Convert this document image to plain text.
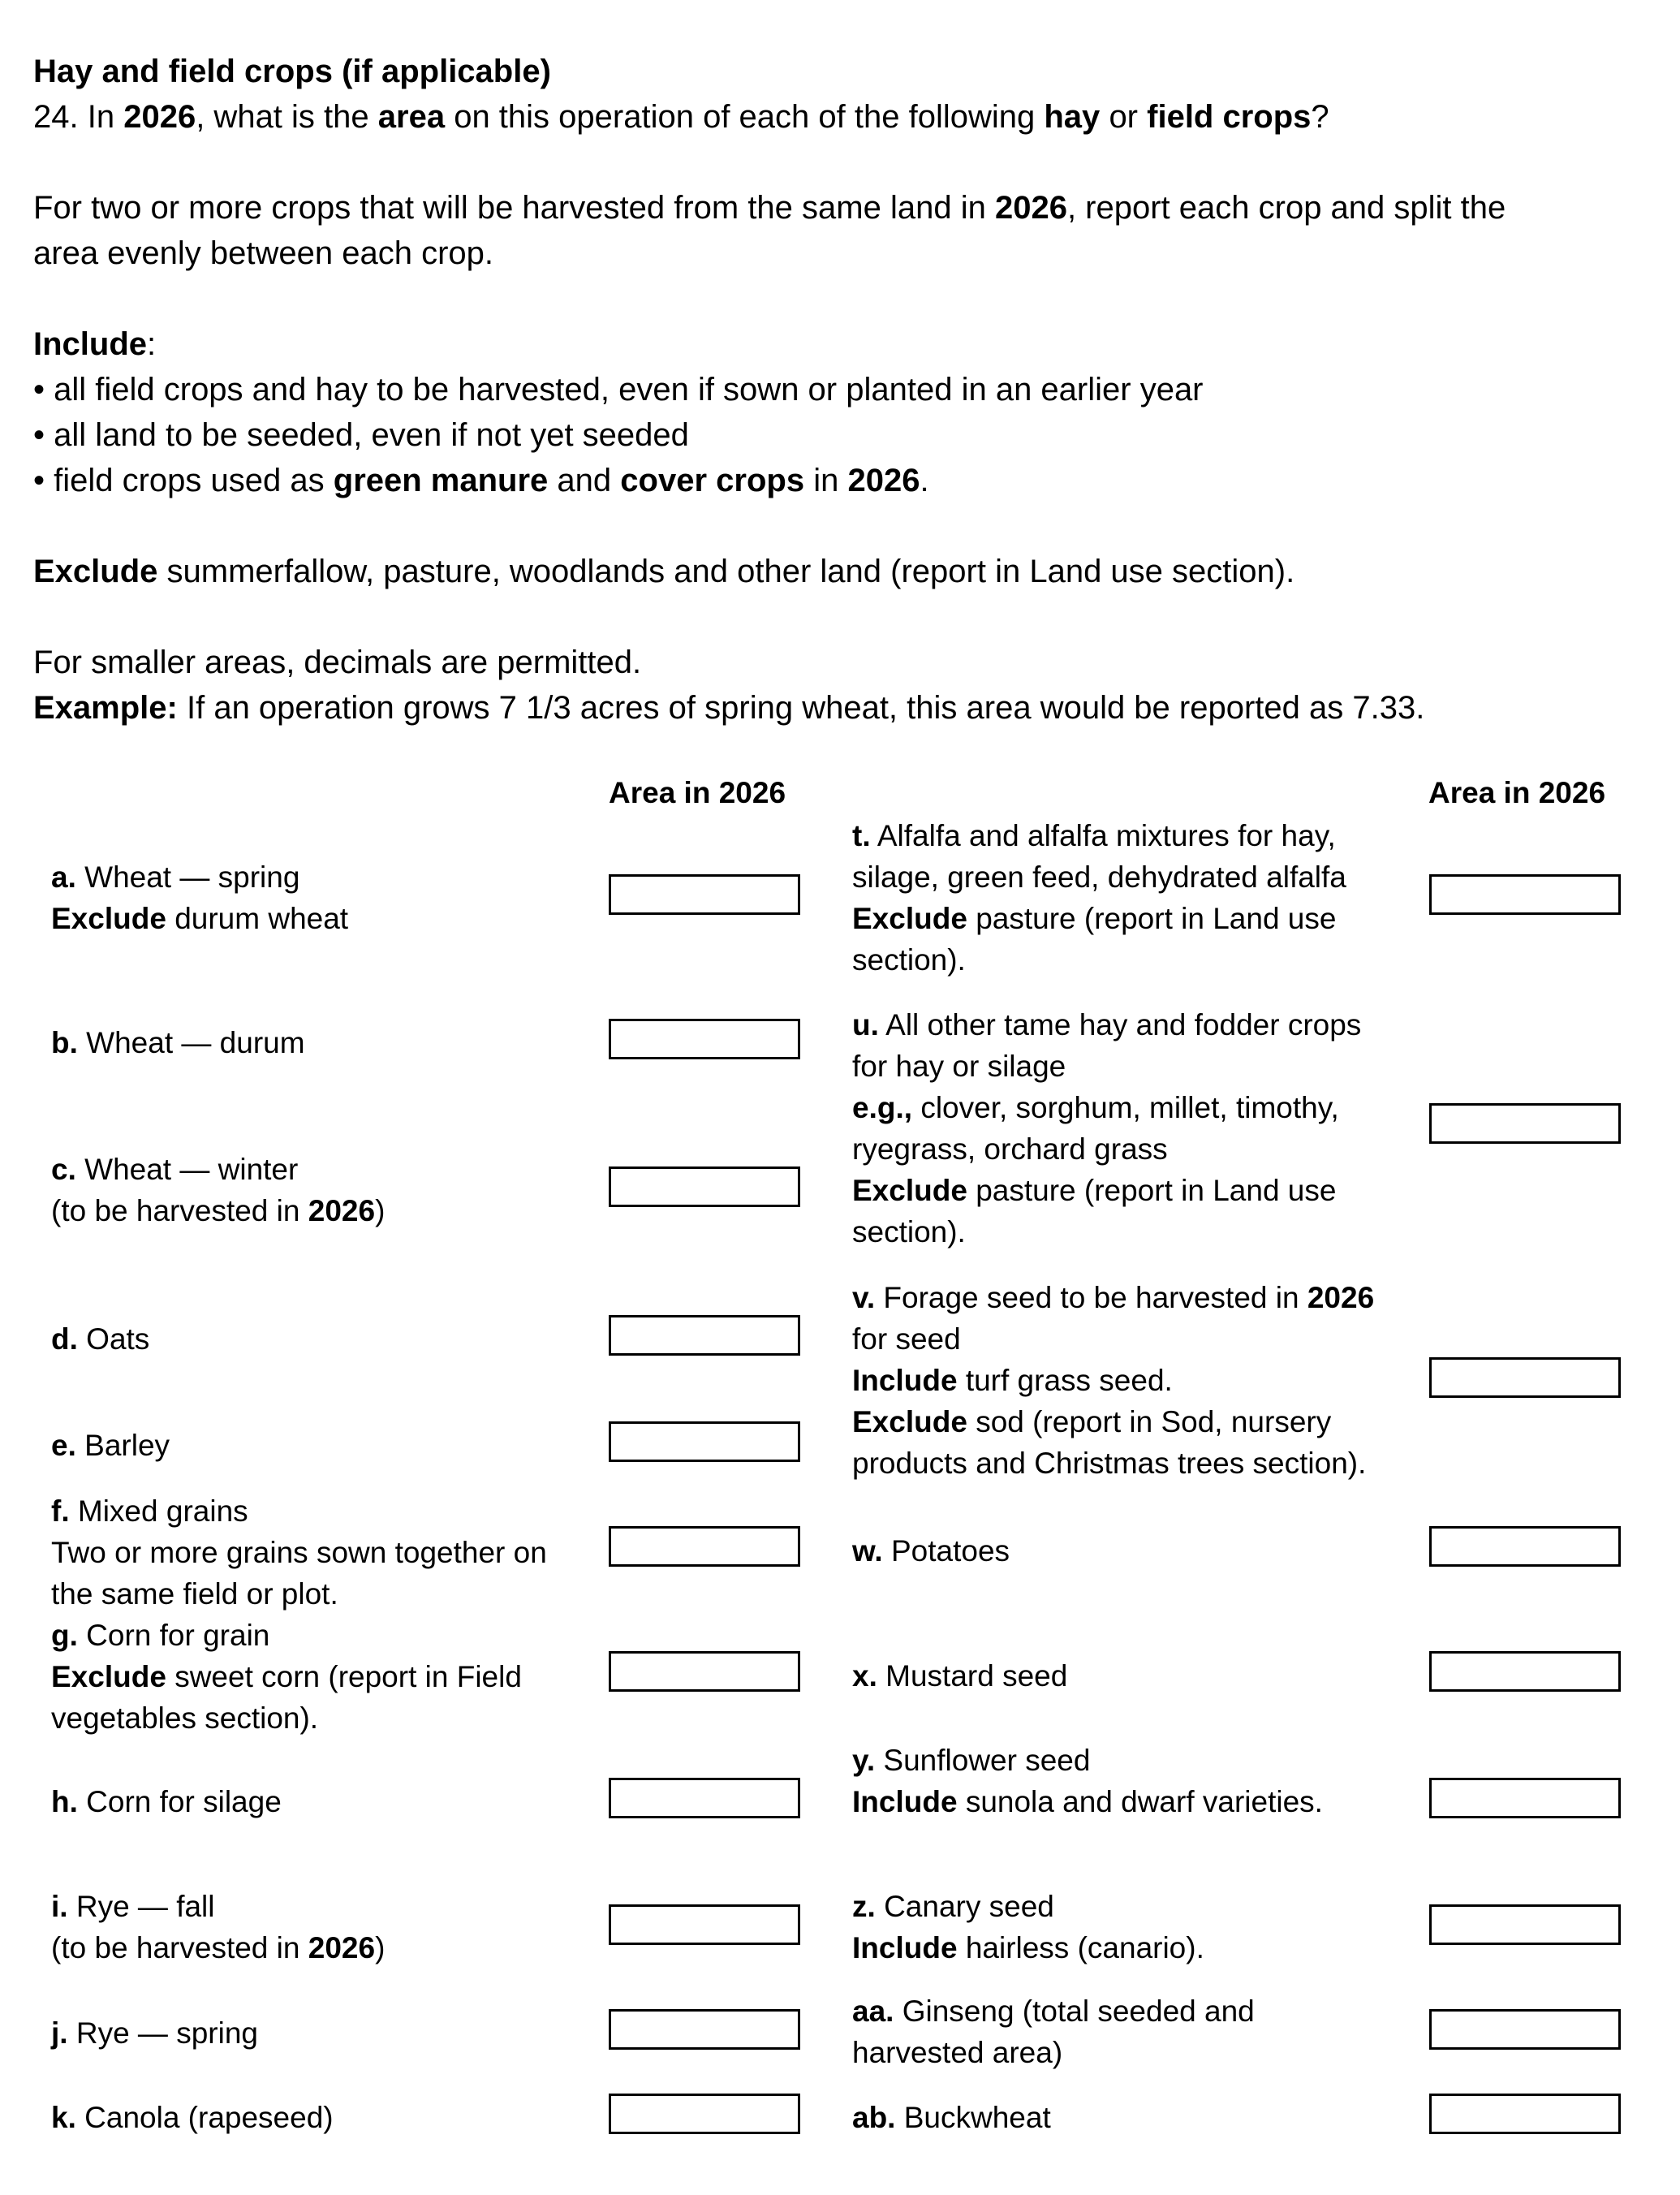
Hay and field crops (if applicable)
24. In 2026, what is the area on this operation of each of the following hay or field crops?
For two or more crops that will be harvested from the same land in 2026, report each crop and split the
area evenly between each crop.
Include:
• all field crops and hay to be harvested, even if sown or planted in an earlier year
• all land to be seeded, even if not yet seeded
• field crops used as green manure and cover crops in 2026.
Exclude summerfallow, pasture, woodlands and other land (report in Land use section).
For smaller areas, decimals are permitted.
Example: If an operation grows 7 1/3 acres of spring wheat, this area would be reported as 7.33.
Area in 2026	Area in 2026
a. Wheat — spring
Exclude durum wheat
b. Wheat — durum
c. Wheat — winter
(to be harvested in 2026)
d. Oats
e. Barley
f. Mixed grains
Two or more grains sown together on
the same field or plot.
g. Corn for grain
Exclude sweet corn (report in Field
vegetables section).
h. Corn for silage
i. Rye — fall
(to be harvested in 2026)
j. Rye — spring
k. Canola (rapeseed)
t. Alfalfa and alfalfa mixtures for hay,
silage, green feed, dehydrated alfalfa
Exclude pasture (report in Land use
section).
u. All other tame hay and fodder crops
for hay or silage
e.g., clover, sorghum, millet, timothy,
ryegrass, orchard grass
Exclude pasture (report in Land use
section).
v. Forage seed to be harvested in 2026
for seed
Include turf grass seed.
Exclude sod (report in Sod, nursery
products and Christmas trees section).
w. Potatoes
x. Mustard seed
y. Sunflower seed
Include sunola and dwarf varieties.
z. Canary seed
Include hairless (canario).
aa. Ginseng (total seeded and
harvested area)
ab. Buckwheat
